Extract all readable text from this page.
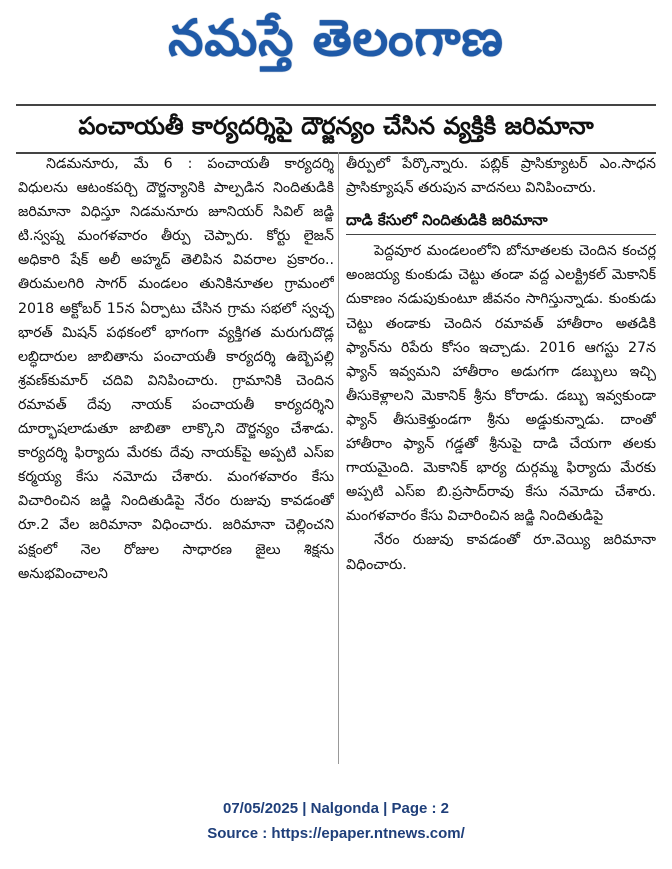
నమస్తే తెలంగాణ
పంచాయతీ కార్యదర్శిపై దౌర్జన్యం చేసిన వ్యక్తికి జరిమానా

నిడమనూరు, మే 6 : పంచాయతీ కార్యదర్శి విధులను ఆటంకపర్చి దౌర్జన్యానికి పాల్పడిన నిందితుడికి జరిమానా విధిస్తూ నిడమనూరు జూనియర్ సివిల్ జడ్జి టి.స్వప్న మంగళవారం తీర్పు చెప్పారు. కోర్టు లైజన్ అధికారి షేక్ అలీ అహ్మద్ తెలిపిన వివరాల ప్రకారం.. తిరుమలగిరి సాగర్ మండలం తునికినూతల గ్రామంలో 2018 అక్టోబర్ 15న ఏర్పాటు చేసిన గ్రామ సభలో స్వచ్ఛ భారత్ మిషన్ పథకంలో భాగంగా వ్యక్తిగత మరుగుదొడ్ల లబ్ధిదారుల జాబితాను పంచాయతీ కార్యదర్శి ఉబ్బెపల్లి శ్రవణ్‌కుమార్ చదివి వినిపించారు. గ్రామానికి చెందిన రమావత్ దేవు నాయక్ పంచాయతీ కార్యదర్శిని దూర్భాషలాడుతూ జాబితా లాక్కొని దౌర్జన్యం చేశాడు. కార్యదర్శి ఫిర్యాదు మేరకు దేవు నాయక్‌పై అప్పటి ఎస్ఐ కర్మయ్య కేసు నమోదు చేశారు. మంగళవారం కేసు విచారించిన జడ్జి నిందితుడిపై నేరం రుజువు కావడంతో రూ.2 వేల జరిమానా విధించారు. జరిమానా చెల్లించని పక్షంలో నెల రోజుల సాధారణ జైలు శిక్షను అనుభవించాలని

తీర్పులో పేర్కొన్నారు. పబ్లిక్ ప్రాసిక్యూటర్ ఎం.సాధన ప్రాసిక్యూషన్ తరుపున వాదనలు వినిపించారు.

దాడి కేసులో నిందితుడికి జరిమానా

పెద్దవూర మండలంలోని బోనూతలకు చెందిన కంచర్ల అంజయ్య కుంకుడు చెట్టు తండా వద్ద ఎలక్ట్రికల్ మెకానిక్ దుకాణం నడుపుకుంటూ జీవనం సాగిస్తున్నాడు. కుంకుడు చెట్టు తండాకు చెందిన రమావత్ హాతీరాం అతడికి ఫ్యాన్‌ను రిపేరు కోసం ఇచ్చాడు. 2016 ఆగస్టు 27న ఫ్యాన్ ఇవ్వమని హాతీరాం అడుగగా డబ్బులు ఇచ్చి తీసుకెళ్లాలని మెకానిక్ శ్రీను కోరాడు. డబ్బు ఇవ్వకుండా ఫ్యాన్ తీసుకెళ్తుండగా శ్రీను అడ్డుకున్నాడు. దాంతో హాతీరాం ఫ్యాన్ గడ్డతో శ్రీనుపై దాడి చేయగా తలకు గాయమైంది. మెకానిక్ భార్య దుర్గమ్మ ఫిర్యాదు మేరకు అప్పటి ఎస్ఐ బి.ప్రసాద్‌రావు కేసు నమోదు చేశారు. మంగళవారం కేసు విచారించిన జడ్జి నిందితుడిపై

నేరం రుజువు కావడంతో రూ.వెయ్యి జరిమానా విధించారు.

07/05/2025 | Nalgonda | Page : 2
Source : https://epaper.ntnews.com/
